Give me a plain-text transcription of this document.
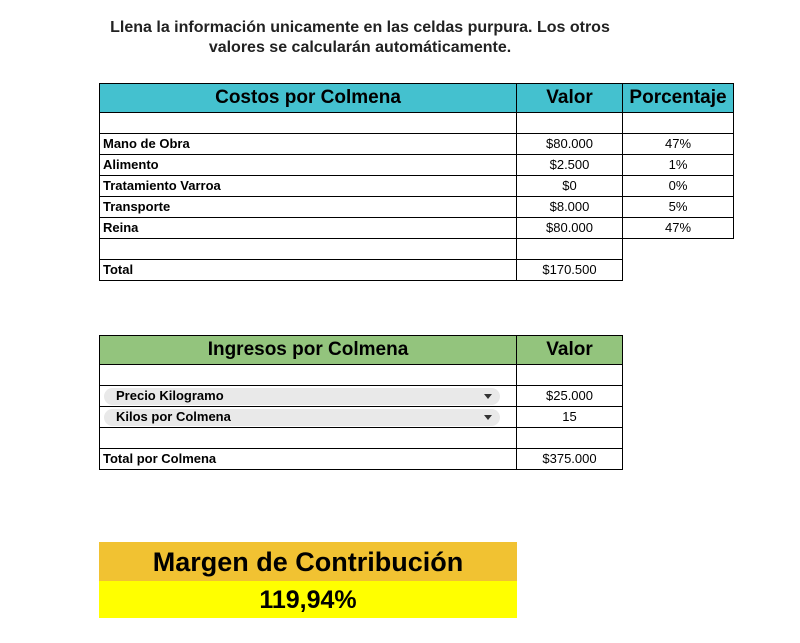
Llena la información unicamente en las celdas purpura. Los otros
valores se calcularán automáticamente.
Costos por Colmena	Valor	Porcentaje

Mano de Obra	$80.000	47%
Alimento	$2.500	1%
Tratamiento Varroa	$0	0%
Transporte	$8.000	5%
Reina	$80.000	47%

Total	$170.500	
Ingresos por Colmena	Valor

Precio Kilogramo	$25.000

Kilos por Colmena	15

Total por Colmena	$375.000
Margen de Contribución
119,94%
